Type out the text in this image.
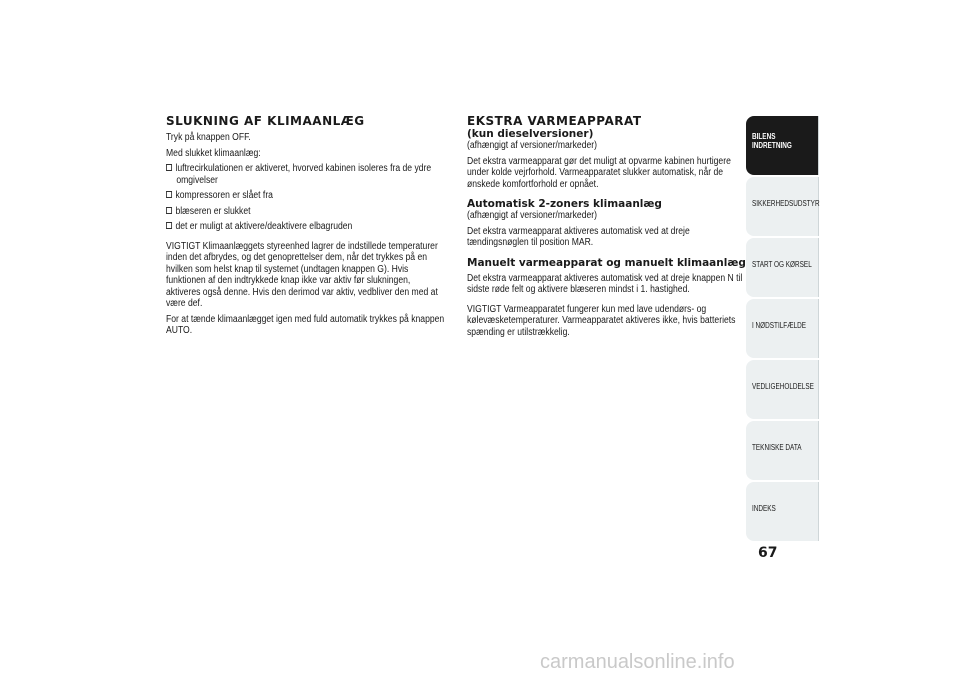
SLUKNING AF KLIMAANLÆG

Tryk på knappen OFF.

Med slukket klimaanlæg:

luftrecirkulationen er aktiveret, hvorved kabinen isoleres fra de ydre omgivelser

kompressoren er slået fra

blæseren er slukket

det er muligt at aktivere/deaktivere elbagruden

VIGTIGT Klimaanlæggets styreenhed lagrer de indstillede temperaturer inden det afbrydes, og det genoprettelser dem, når det trykkes på en hvilken som helst knap til systemet (undtagen knappen G). Hvis funktionen af den indtrykkede knap ikke var aktiv før slukningen, aktiveres også denne. Hvis den derimod var aktiv, vedbliver den med at være def.

For at tænde klimaanlægget igen med fuld automatik trykkes på knappen AUTO.

EKSTRA VARMEAPPARAT

(kun dieselversioner)

(afhængigt af versioner/markeder)

Det ekstra varmeapparat gør det muligt at opvarme kabinen hurtigere under kolde vejrforhold. Varmeapparatet slukker automatisk, når de ønskede komfortforhold er opnået.

Automatisk 2-zoners klimaanlæg

(afhængigt af versioner/markeder)

Det ekstra varmeapparat aktiveres automatisk ved at dreje tændingsnøglen til position MAR.

Manuelt varmeapparat og manuelt klimaanlæg

Det ekstra varmeapparat aktiveres automatisk ved at dreje knappen N til sidste røde felt og aktivere blæseren mindst i 1. hastighed.

VIGTIGT Varmeapparatet fungerer kun med lave udendørs- og kølevæsketemperaturer. Varmeapparatet aktiveres ikke, hvis batteriets spænding er utilstrækkelig.

BILENS
INDRETNING
SIKKERHEDSUDSTYR
START OG KØRSEL
I NØDSTILFÆLDE
VEDLIGEHOLDELSE
TEKNISKE DATA
INDEKS
67
carmanualsonline.info
